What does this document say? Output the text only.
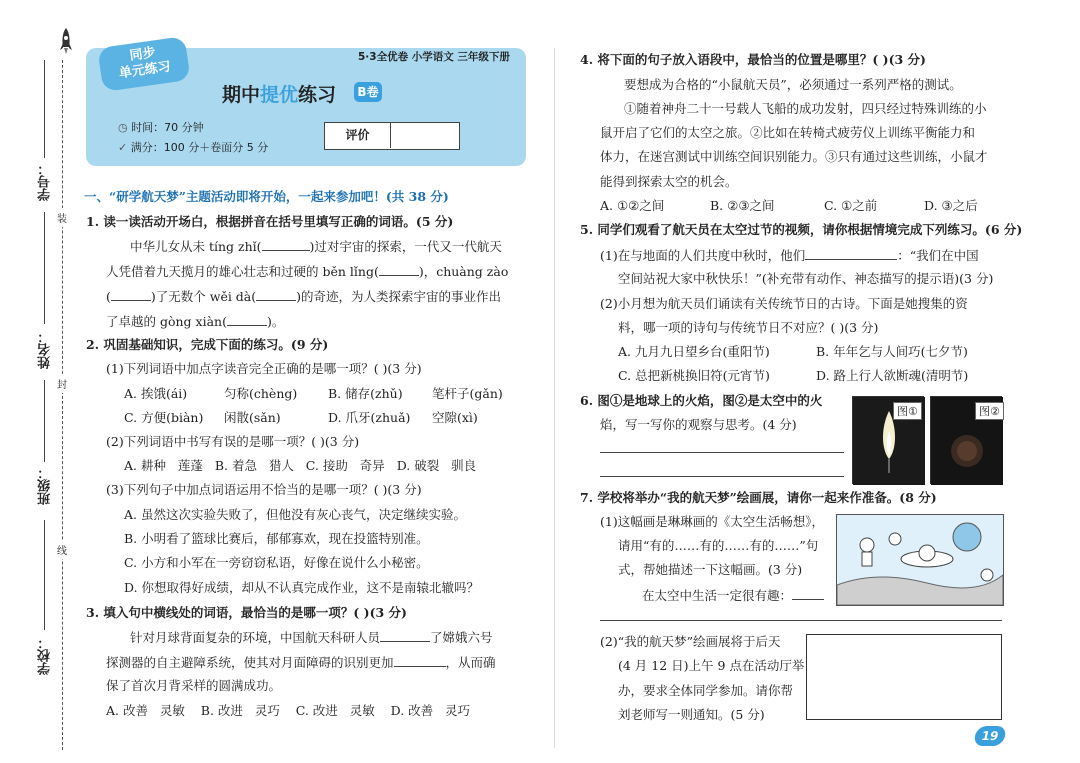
装
封
线
学号：
姓名：
班级：
学校：
同步
单元练习
5·3全优卷 小学语文 三年级下册
期中提优练习 B卷
◷ 时间：70 分钟
✓ 满分：100 分＋卷面分 5 分
评价
一、“研学航天梦”主题活动即将开始，一起来参加吧！(共 38 分)
1. 读一读活动开场白，根据拼音在括号里填写正确的词语。(5 分)
中华儿女从未 tíng zhǐ(	)过对宇宙的探索，一代又一代航天
人凭借着九天揽月的雄心壮志和过硬的 běn lǐng(	)，chuàng zào
(	)了无数个 wěi dà(	)的奇迹，为人类探索宇宙的事业作出
了卓越的 gòng xiàn(	)。
2. 巩固基础知识，完成下面的练习。(9 分)
(1)下列词语中加点字读音完全正确的是哪一项？( )(3 分)
A. 挨饿(ái)	匀称(chèng) B. 储存(zhǔ) 笔杆子(gǎn)
C. 方便(biàn) 闲散(sǎn)	D. 爪牙(zhuǎ) 空隙(xì)
(2)下列词语中书写有误的是哪一项？( )(3 分)
A. 耕种   莲蓬   B. 着急   猎人   C. 接助   奇异   D. 破裂   驯良
(3)下列句子中加点词语运用不恰当的是哪一项？( )(3 分)
A. 虽然这次实验失败了，但他没有灰心丧气，决定继续实验。
B. 小明看了篮球比赛后，郁郁寡欢，现在投篮特别准。
C. 小方和小军在一旁窃窃私语，好像在说什么小秘密。
D. 你想取得好成绩，却从不认真完成作业，这不是南辕北辙吗？
3. 填入句中横线处的词语，最恰当的是哪一项？( )(3 分)
针对月球背面复杂的环境，中国航天科研人员	了嫦娥六号
探测器的自主避障系统，使其对月面障碍的识别更加	，从而确
保了首次月背采样的圆满成功。
A. 改善   灵敏    B. 改进   灵巧    C. 改进   灵敏    D. 改善   灵巧
4. 将下面的句子放入语段中，最恰当的位置是哪里？( )(3 分)
要想成为合格的“小鼠航天员”，必须通过一系列严格的测试。
①随着神舟二十一号载人飞船的成功发射，四只经过特殊训练的小
鼠开启了它们的太空之旅。②比如在转椅式疲劳仪上训练平衡能力和
体力，在迷宫测试中训练空间识别能力。③只有通过这些训练，小鼠才
能得到探索太空的机会。
A. ①②之间	B. ②③之间	C. ①之前	D. ③之后
5. 同学们观看了航天员在太空过节的视频，请你根据情境完成下列练习。(6 分)
(1)在与地面的人们共度中秋时，他们	：“我们在中国
空间站祝大家中秋快乐！”(补充带有动作、神态描写的提示语)(3 分)
(2)小月想为航天员们诵读有关传统节日的古诗。下面是她搜集的资
料，哪一项的诗句与传统节日不对应？( )(3 分)
A. 九月九日望乡台(重阳节)	B. 年年乞与人间巧(七夕节)
C. 总把新桃换旧符(元宵节)	D. 路上行人欲断魂(清明节)
6. 图①是地球上的火焰，图②是太空中的火
焰，写一写你的观察与思考。(4 分)
图①	图②
7. 学校将举办“我的航天梦”绘画展，请你一起来作准备。(8 分)
(1)这幅画是琳琳画的《太空生活畅想》，
请用“有的……有的……有的……”句
式，帮她描述一下这幅画。(3 分)
在太空中生活一定很有趣：
(2)“我的航天梦”绘画展将于后天
(4 月 12 日)上午 9 点在活动厅举
办，要求全体同学参加。请你帮
刘老师写一则通知。(5 分)
19
